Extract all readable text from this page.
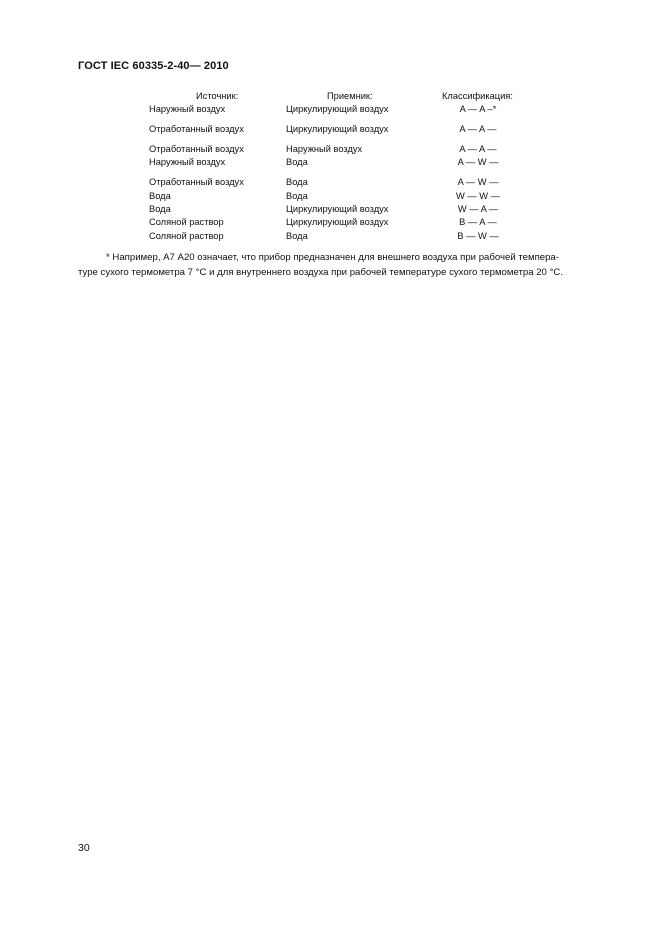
ГОСТ IEC 60335-2-40— 2010
Источник:	Приемник:	Классификация:
Наружный воздух	Циркулирующий воздух	A — A –*
Отработанный воздух	Циркулирующий воздух	A — A —
Отработанный воздух	Наружный воздух	A — A —
Наружный воздух	Вода	A — W —
Отработанный воздух	Вода	A — W —
Вода	Вода	W — W —
Вода	Циркулирующий воздух	W — A —
Соляной раствор	Циркулирующий воздух	B — A —
Соляной раствор	Вода	B — W —
* Например, А7 А20 означает, что прибор предназначен для внешнего воздуха при рабочей темпера-
туре сухого термометра 7 °С и для внутреннего воздуха при рабочей температуре сухого термометра 20 °С.
30
